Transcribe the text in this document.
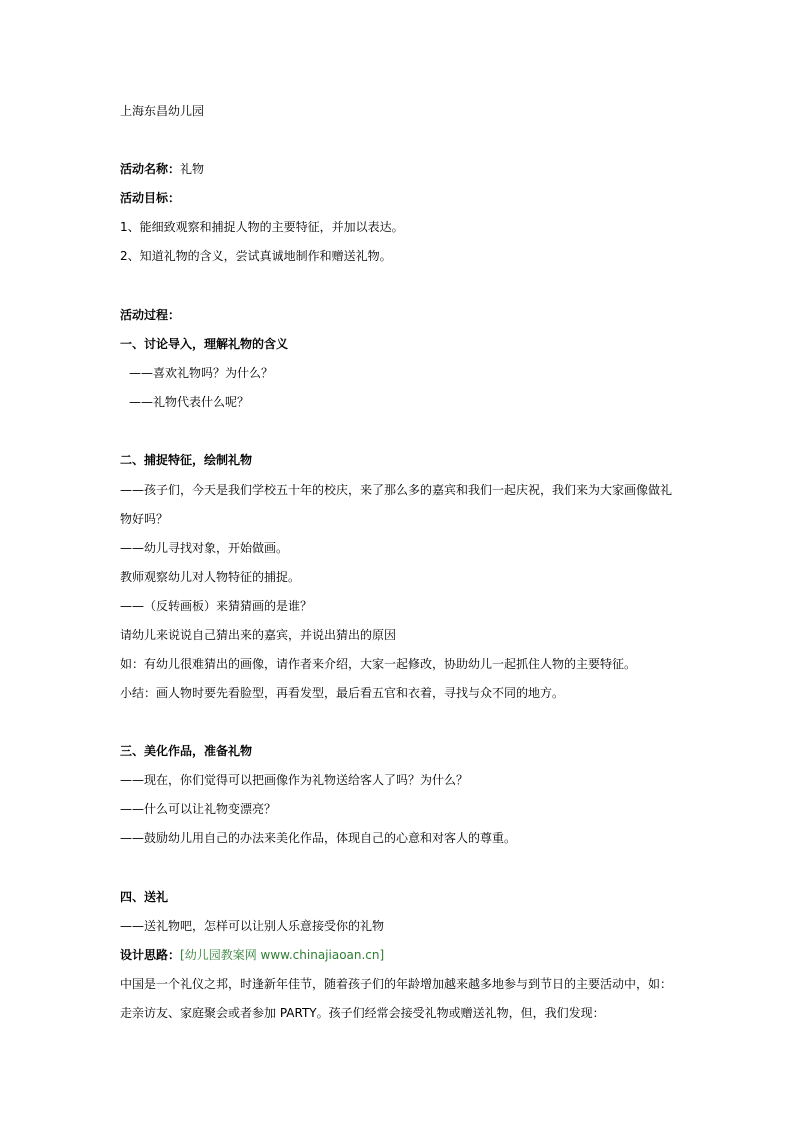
上海东昌幼儿园
活动名称：礼物
活动目标：
1、能细致观察和捕捉人物的主要特征，并加以表达。
2、知道礼物的含义，尝试真诚地制作和赠送礼物。
活动过程：
一、讨论导入，理解礼物的含义
——喜欢礼物吗？为什么？
——礼物代表什么呢？
二、捕捉特征，绘制礼物
——孩子们，今天是我们学校五十年的校庆，来了那么多的嘉宾和我们一起庆祝，我们来为大家画像做礼
物好吗？
——幼儿寻找对象，开始做画。
教师观察幼儿对人物特征的捕捉。
——（反转画板）来猜猜画的是谁？
请幼儿来说说自己猜出来的嘉宾，并说出猜出的原因
如：有幼儿很难猜出的画像，请作者来介绍，大家一起修改，协助幼儿一起抓住人物的主要特征。
小结：画人物时要先看脸型，再看发型，最后看五官和衣着，寻找与众不同的地方。
三、美化作品，准备礼物
——现在，你们觉得可以把画像作为礼物送给客人了吗？为什么？
——什么可以让礼物变漂亮？
——鼓励幼儿用自己的办法来美化作品，体现自己的心意和对客人的尊重。
四、送礼
——送礼物吧，怎样可以让别人乐意接受你的礼物
设计思路：[幼儿园教案网 www.chinajiaoan.cn]
中国是一个礼仪之邦，时逢新年佳节，随着孩子们的年龄增加越来越多地参与到节日的主要活动中，如：
走亲访友、家庭聚会或者参加 PARTY。孩子们经常会接受礼物或赠送礼物，但，我们发现：
